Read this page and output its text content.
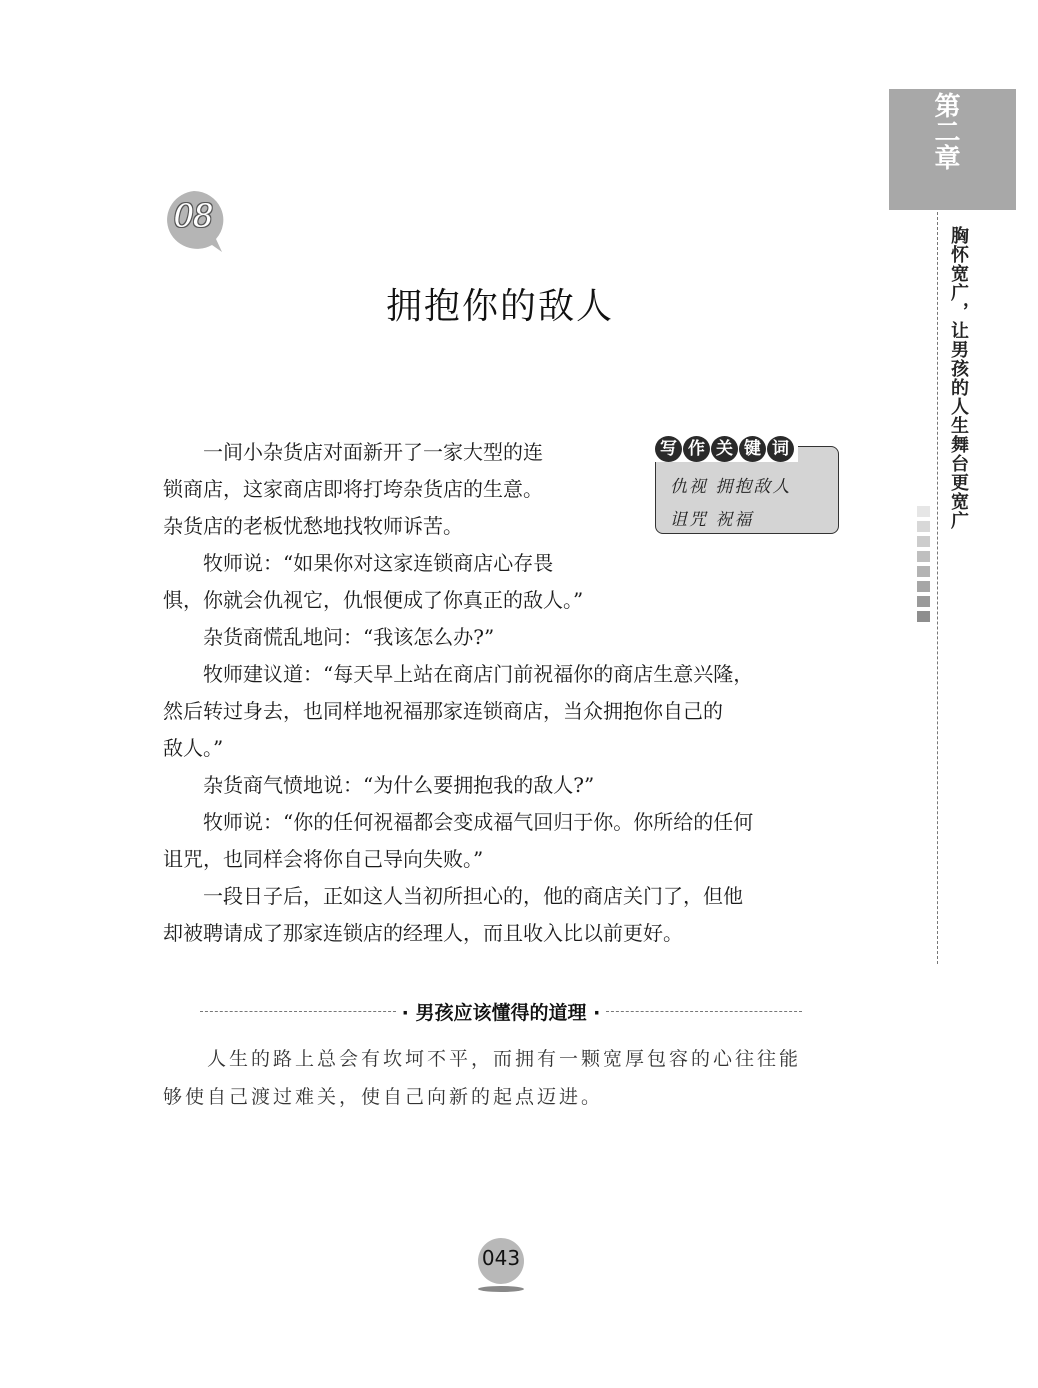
第二章
胸怀宽广，让男孩的人生舞台更宽广
08
拥抱你的敌人
写 作 关 键 词
仇视 拥抱敌人
诅咒 祝福
　　一间小杂货店对面新开了一家大型的连
锁商店，这家商店即将打垮杂货店的生意。
杂货店的老板忧愁地找牧师诉苦。
　　牧师说：“如果你对这家连锁商店心存畏
惧，你就会仇视它，仇恨便成了你真正的敌人。”
　　杂货商慌乱地问：“我该怎么办?”
　　牧师建议道：“每天早上站在商店门前祝福你的商店生意兴隆，
然后转过身去，也同样地祝福那家连锁商店，当众拥抱你自己的
敌人。”
　　杂货商气愤地说：“为什么要拥抱我的敌人?”
　　牧师说：“你的任何祝福都会变成福气回归于你。你所给的任何
诅咒，也同样会将你自己导向失败。”
　　一段日子后，正如这人当初所担心的，他的商店关门了，但他
却被聘请成了那家连锁店的经理人，而且收入比以前更好。
· 男孩应该懂得的道理 ·
　　人生的路上总会有坎坷不平，而拥有一颗宽厚包容的心往往能
够使自己渡过难关，使自己向新的起点迈进。
043
